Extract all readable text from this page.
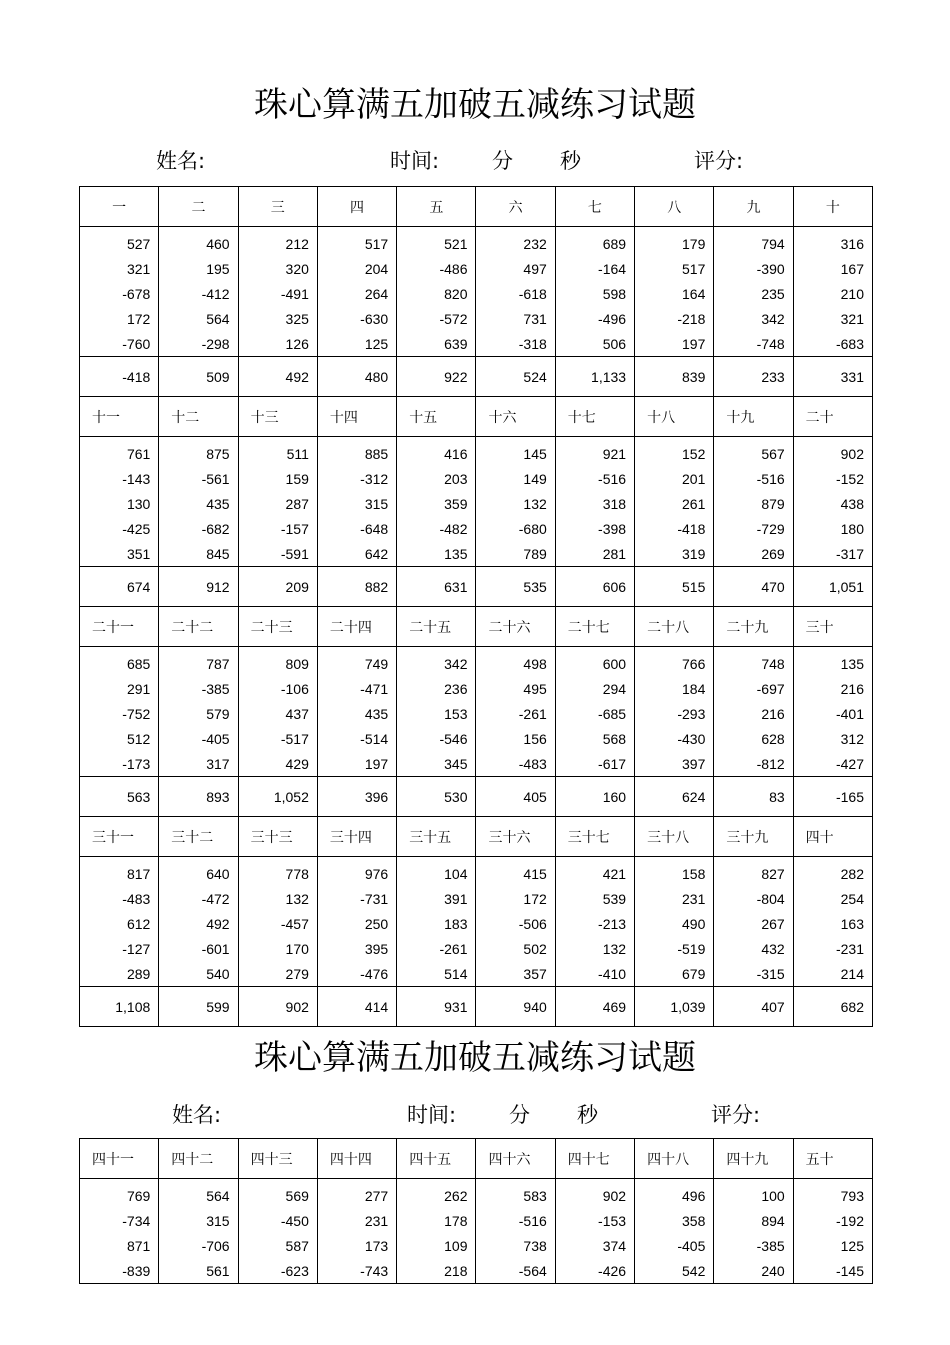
珠心算满五加破五减练习试题
姓名:	时间:	分 秒	评分:
一	二	三	四	五	六	七	八	九	十
527	460	212	517	521	232	689	179	794	316
321	195	320	204	-486	497	-164	517	-390	167
-678	-412	-491	264	820	-618	598	164	235	210
172	564	325	-630	-572	731	-496	-218	342	321
-760	-298	126	125	639	-318	506	197	-748	-683
-418	509	492	480	922	524	1,133	839	233	331
十一	十二	十三	十四	十五	十六	十七	十八	十九	二十
761	875	511	885	416	145	921	152	567	902
-143	-561	159	-312	203	149	-516	201	-516	-152
130	435	287	315	359	132	318	261	879	438
-425	-682	-157	-648	-482	-680	-398	-418	-729	180
351	845	-591	642	135	789	281	319	269	-317
674	912	209	882	631	535	606	515	470	1,051
二十一	二十二	二十三	二十四	二十五	二十六	二十七	二十八	二十九	三十
685	787	809	749	342	498	600	766	748	135
291	-385	-106	-471	236	495	294	184	-697	216
-752	579	437	435	153	-261	-685	-293	216	-401
512	-405	-517	-514	-546	156	568	-430	628	312
-173	317	429	197	345	-483	-617	397	-812	-427
563	893	1,052	396	530	405	160	624	83	-165
三十一	三十二	三十三	三十四	三十五	三十六	三十七	三十八	三十九	四十
817	640	778	976	104	415	421	158	827	282
-483	-472	132	-731	391	172	539	231	-804	254
612	492	-457	250	183	-506	-213	490	267	163
-127	-601	170	395	-261	502	132	-519	432	-231
289	540	279	-476	514	357	-410	679	-315	214
1,108	599	902	414	931	940	469	1,039	407	682
珠心算满五加破五减练习试题
姓名:	时间:	分 秒	评分:
四十一	四十二	四十三	四十四	四十五	四十六	四十七	四十八	四十九	五十
769	564	569	277	262	583	902	496	100	793
-734	315	-450	231	178	-516	-153	358	894	-192
871	-706	587	173	109	738	374	-405	-385	125
-839	561	-623	-743	218	-564	-426	542	240	-145
